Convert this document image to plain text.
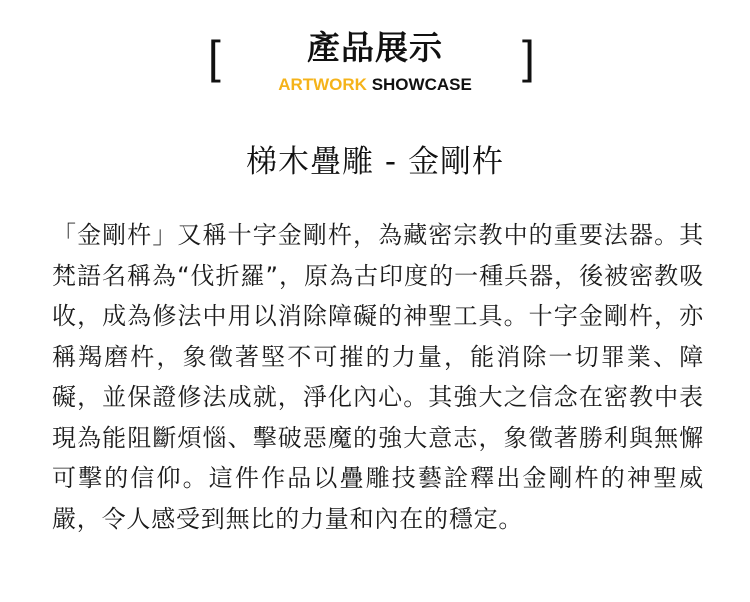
[	產品展示
ARTWORK SHOWCASE
]
梯木疊雕 - 金剛杵

「金剛杵」又稱十字金剛杵，為藏密宗教中的重要法器。其梵語名稱為“伐折羅”，原為古印度的一種兵器，後被密教吸收，成為修法中用以消除障礙的神聖工具。十字金剛杵，亦稱羯磨杵，象徵著堅不可摧的力量，能消除一切罪業、障礙，並保證修法成就，淨化內心。其強大之信念在密教中表現為能阻斷煩惱、擊破惡魔的強大意志，象徵著勝利與無懈可擊的信仰。這件作品以疊雕技藝詮釋出金剛杵的神聖威嚴，令人感受到無比的力量和內在的穩定。
